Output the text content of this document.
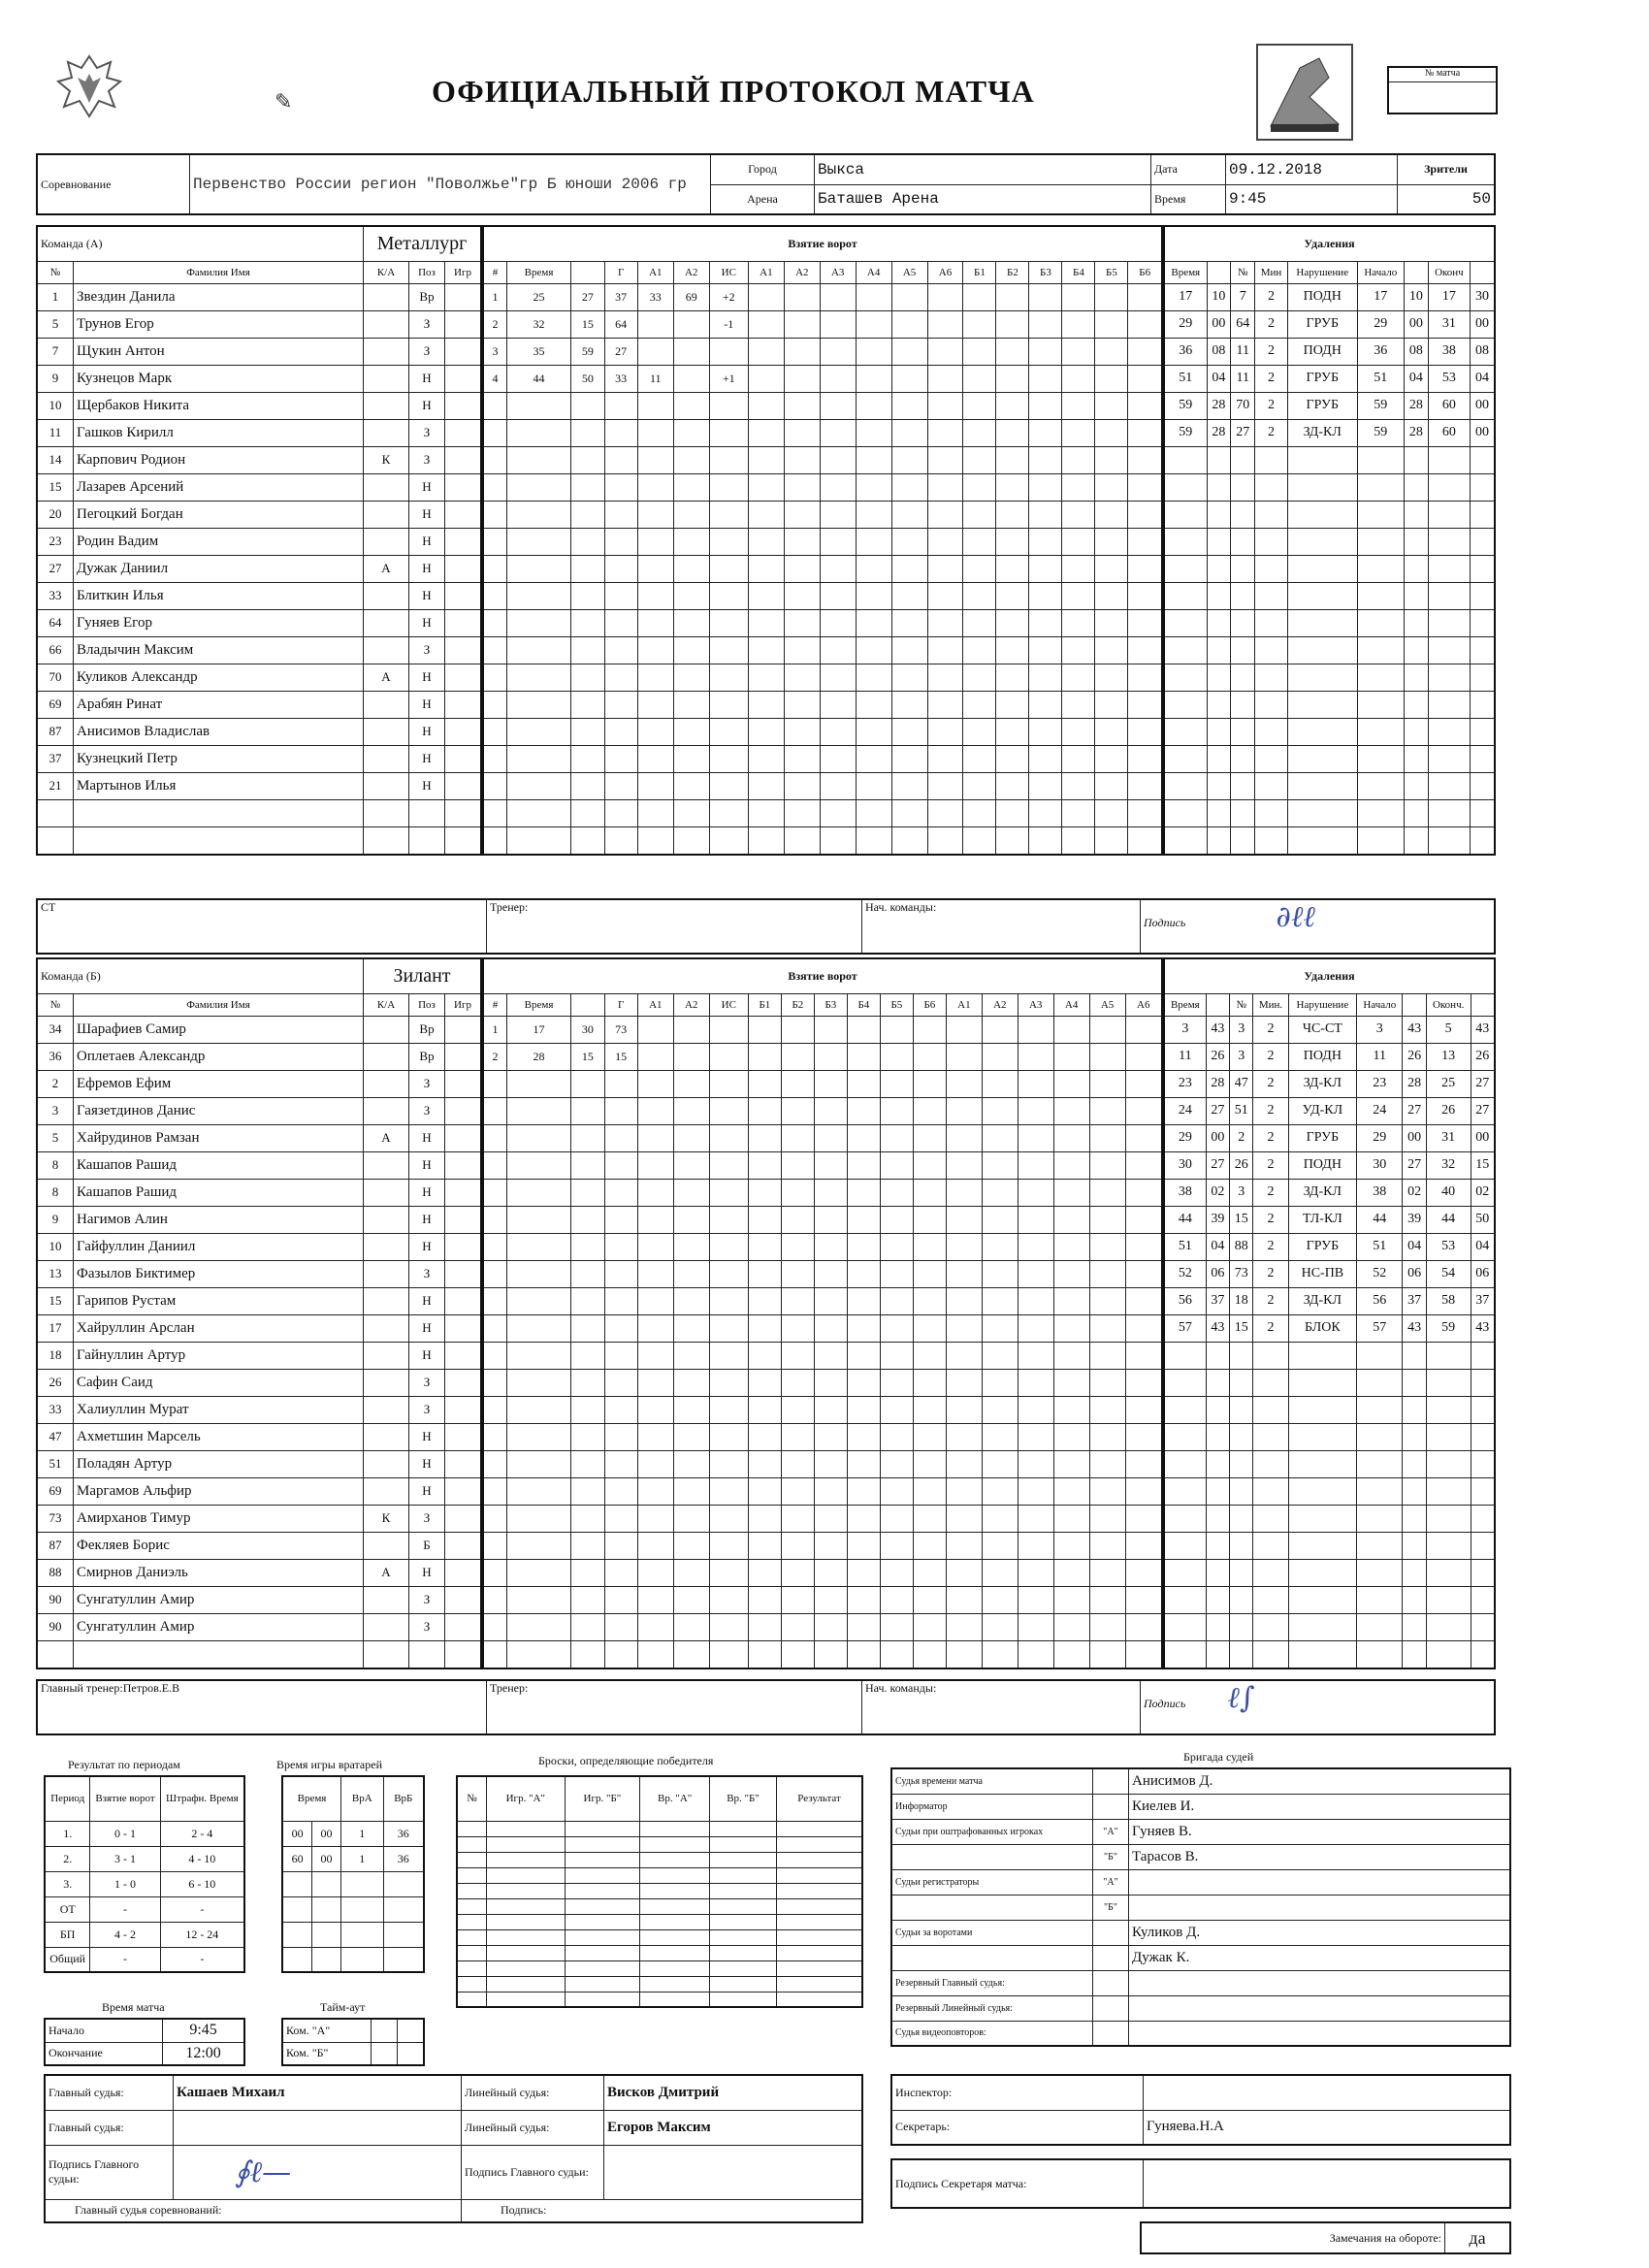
✎	ОФИЦИАЛЬНЫЙ ПРОТОКОЛ МАТЧА
№ матча
Соревнование	Первенство России регион "Поволжье"гр Б юноши 2006 гр	Город	Выкса	Дата	09.12.2018	Зрители
		Арена	Баташев Арена	Время	9:45	50
Команда (А)		Металлург		
№	Фамилия Имя	К/А	Поз	Игр
1	Звездин Данила		Вр	
5	Трунов Егор		З	
7	Щукин Антон		З	
9	Кузнецов Марк		Н	
10	Щербаков Никита		Н	
11	Гашков Кирилл		З	
14	Карпович Родион	К	З	
15	Лазарев Арсений		Н	
20	Пегоцкий Богдан		Н	
23	Родин Вадим		Н	
27	Дужак Даниил	А	Н	
33	Блиткин Илья		Н	
64	Гуняев Егор		Н	
66	Владычин Максим		З	
70	Куликов Александр	А	Н	
69	Арабян Ринат		Н	
87	Анисимов Владислав		Н	
37	Кузнецкий Петр		Н	
21	Мартынов Илья		Н	

Взятие ворот																		
#	Время		Г	А1	А2	ИС	А1	А2	А3	А4	А5	А6	Б1	Б2	Б3	Б4	Б5	Б6
1	25	27	37	33	69	+2												
2	32	15	64			-1												
3	35	59	27															
4	44	50	33	11		+1												

Удаления								
Время		№	Мин	Нарушение	Начало		Оконч	
17	10	7	2	ПОДН	17	10	17	30
29	00	64	2	ГРУБ	29	00	31	00
36	08	11	2	ПОДН	36	08	38	08
51	04	11	2	ГРУБ	51	04	53	04
59	28	70	2	ГРУБ	59	28	60	00
59	28	27	2	ЗД-КЛ	59	28	60	00

СТ	Тренер:	Нач. команды:	Подпись	∂ℓℓ
Команда (Б)		Зилант		
№	Фамилия Имя	К/А	Поз	Игр
34	Шарафиев Самир		Вр	
36	Оплетаев Александр		Вр	
2	Ефремов Ефим		З	
3	Гаязетдинов Данис		З	
5	Хайрудинов Рамзан	А	Н	
8	Кашапов Рашид		Н	
8	Кашапов Рашид		Н	
9	Нагимов Алин		Н	
10	Гайфуллин Даниил		Н	
13	Фазылов Биктимер		З	
15	Гарипов Рустам		Н	
17	Хайруллин Арслан		Н	
18	Гайнуллин Артур		Н	
26	Сафин Саид		З	
33	Халиуллин Мурат		З	
47	Ахметшин Марсель		Н	
51	Поладян Артур		Н	
69	Маргамов Альфир		Н	
73	Амирханов Тимур	К	З	
87	Фекляев Борис		Б	
88	Смирнов Даниэль	А	Н	
90	Сунгатуллин Амир		З	
90	Сунгатуллин Амир		З	

Взятие ворот																		
#	Время		Г	А1	А2	ИС	Б1	Б2	Б3	Б4	Б5	Б6	А1	А2	А3	А4	А5	А6
1	17	30	73															
2	28	15	15															

Удаления								
Время		№	Мин.	Нарушение	Начало		Оконч.	
3	43	3	2	ЧС-СТ	3	43	5	43
11	26	3	2	ПОДН	11	26	13	26
23	28	47	2	ЗД-КЛ	23	28	25	27
24	27	51	2	УД-КЛ	24	27	26	27
29	00	2	2	ГРУБ	29	00	31	00
30	27	26	2	ПОДН	30	27	32	15
38	02	3	2	ЗД-КЛ	38	02	40	02
44	39	15	2	ТЛ-КЛ	44	39	44	50
51	04	88	2	ГРУБ	51	04	53	04
52	06	73	2	НС-ПВ	52	06	54	06
56	37	18	2	ЗД-КЛ	56	37	58	37
57	43	15	2	БЛОК	57	43	59	43

Главный тренер:Петров.Е.В	Тренер:	Нач. команды:	Подпись ℓ∫
Результат по периодам
Период	Взятие ворот	Штрафн. Время
1.	0 - 1	2 - 4
2.	3 - 1	4 - 10
3.	1 - 0	6 - 10
ОТ	-	-
БП	4 - 2	12 - 24
Общий	-	-
Время игры вратарей
Время		ВрА	ВрБ
00	00	1	36
60	00	1	36

Броски, определяющие победителя
№	Игр. "А"	Игр. "Б"	Вр. "А"	Вр. "Б"	Результат

Время матча
Начало	9:45
Окончание	12:00
Тайм-аут
Ком. "А"		
Ком. "Б"		
Главный судья:	Кашаев Михаил	Линейный судья:	Висков Дмитрий
Главный судья:		Линейный судья:	Егоров Максим
Подпись Главного судьи:	∮ℓ—	Подпись Главного судьи:	
Главный судья соревнований:		Подпись:	
Бригада судей
Судья времени матча		Анисимов Д.
Информатор		Киелев И.
Судьи при оштрафованных игроках	"А"	Гуняев В.
	"Б"	Тарасов В.
Судьи регистраторы	"А"	
	"Б"	
Судьи за воротами		Куликов Д.
		Дужак К.
Резервный Главный судья:		
Резервный Линейный судья:		
Судья видеоповторов:		
Инспектор:	
Секретарь:	Гуняева.Н.А
Подпись Секретаря матча:	
Замечания на обороте:	да
